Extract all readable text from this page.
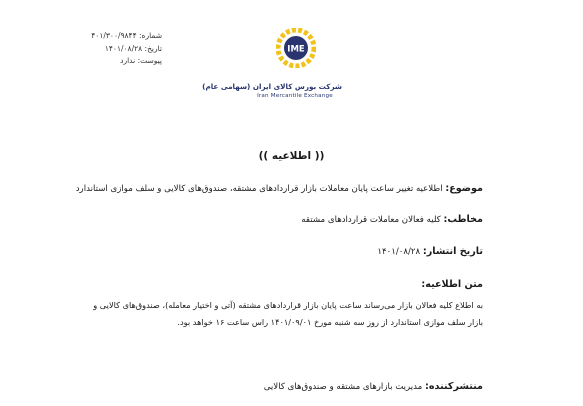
شماره: ۴۰۱/۳۰۰/۹۸۴۴
تاریخ: ۱۴۰۱/۰۸/۲۸
پیوست: ندارد
IME
شرکت بورس کالای ایران (سهامی عام)
Iran Mercantile Exchange
(( اطلاعیه ))
موضوع: اطلاعیه تغییر ساعت پایان معاملات بازار قراردادهای مشتقه، صندوق‌های کالایی و سلف موازی استاندارد
مخاطب: کلیه فعالان معاملات قراردادهای مشتقه
تاریخ انتشار: ۱۴۰۱/۰۸/۲۸
متن اطلاعیه:
به اطلاع کلیه فعالان بازار می‌رساند ساعت پایان بازار قراردادهای مشتقه (آتی و اختیار معامله)، صندوق‌های کالایی و
بازار سلف موازی استاندارد از روز سه شنبه مورخ ۱۴۰۱/۰۹/۰۱ راس ساعت ۱۶ خواهد بود.
منتشرکننده: مدیریت بازارهای مشتقه و صندوق‌های کالایی
